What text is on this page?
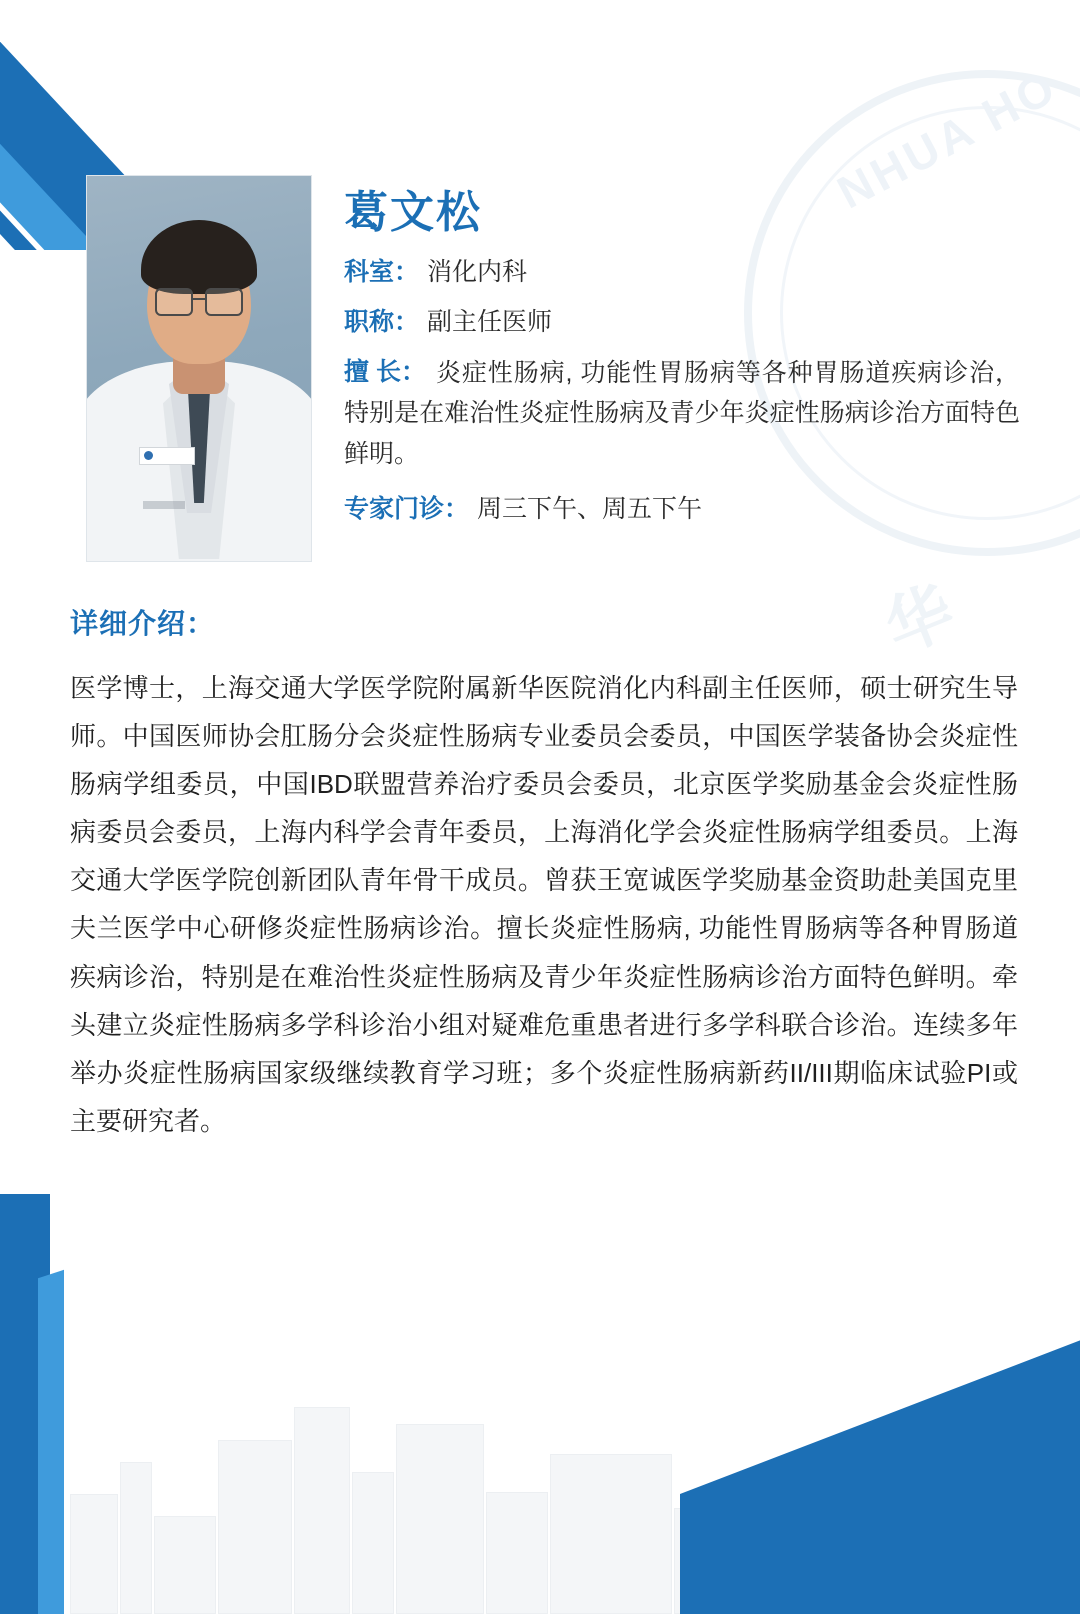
NHUA HO
华
葛文松
科室： 消化内科
职称： 副主任医师
擅 长： 炎症性肠病, 功能性胃肠病等各种胃肠道疾病诊治，特别是在难治性炎症性肠病及青少年炎症性肠病诊治方面特色鲜明。
专家门诊： 周三下午、周五下午
详细介绍：
医学博士，上海交通大学医学院附属新华医院消化内科副主任医师，硕士研究生导师。中国医师协会肛肠分会炎症性肠病专业委员会委员，中国医学装备协会炎症性肠病学组委员，中国IBD联盟营养治疗委员会委员，北京医学奖励基金会炎症性肠病委员会委员，上海内科学会青年委员，上海消化学会炎症性肠病学组委员。上海交通大学医学院创新团队青年骨干成员。曾获王宽诚医学奖励基金资助赴美国克里夫兰医学中心研修炎症性肠病诊治。擅长炎症性肠病, 功能性胃肠病等各种胃肠道疾病诊治，特别是在难治性炎症性肠病及青少年炎症性肠病诊治方面特色鲜明。牵头建立炎症性肠病多学科诊治小组对疑难危重患者进行多学科联合诊治。连续多年举办炎症性肠病国家级继续教育学习班；多个炎症性肠病新药II/III期临床试验PI或主要研究者。
